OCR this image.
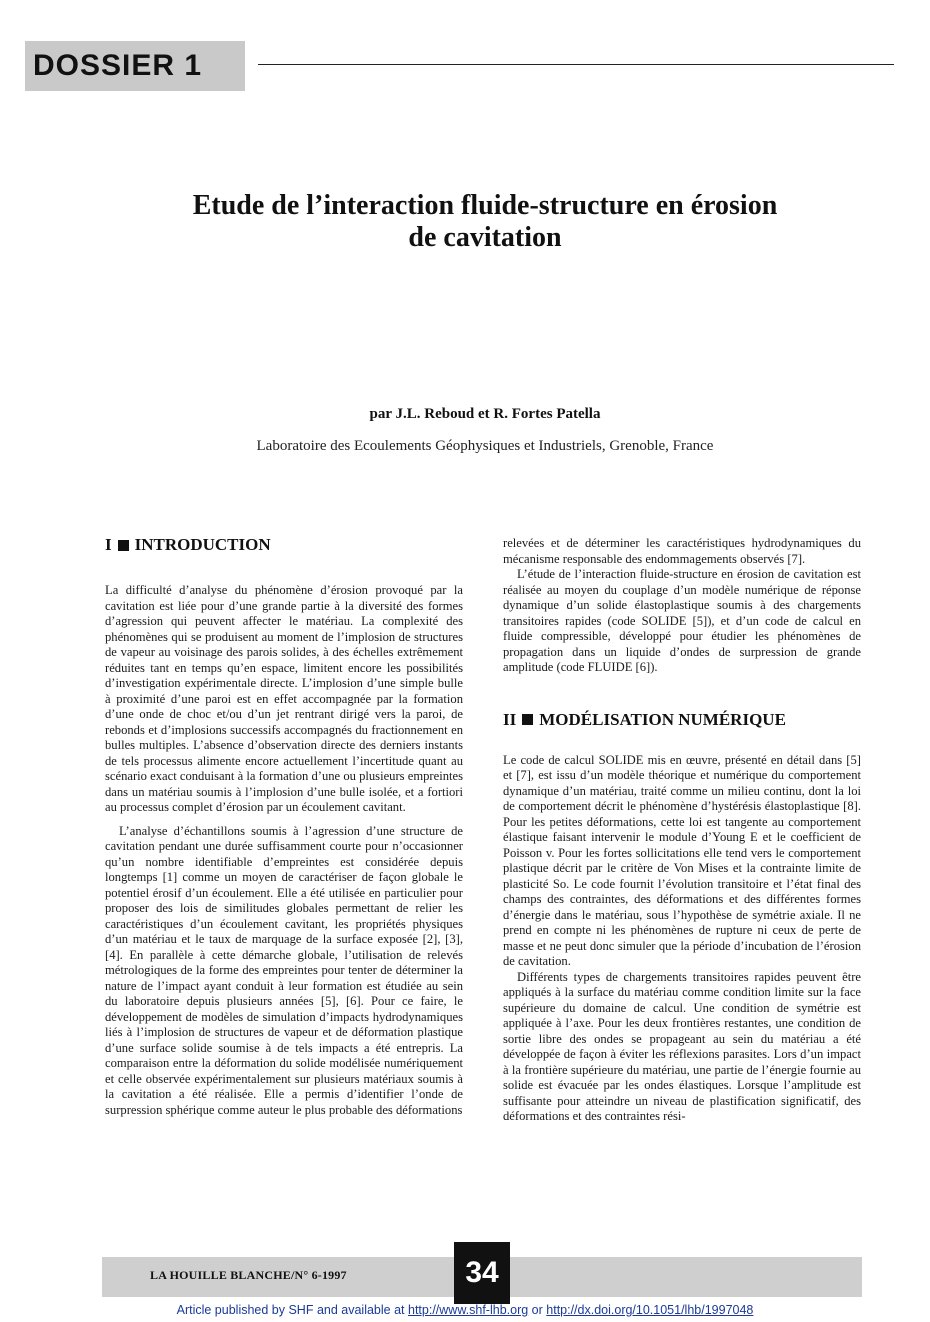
DOSSIER 1
Etude de l’interaction fluide-structure en érosion
de cavitation
par J.L. Reboud et R. Fortes Patella
Laboratoire des Ecoulements Géophysiques et Industriels, Grenoble, France
I INTRODUCTION

La difficulté d’analyse du phénomène d’érosion provoqué par la cavitation est liée pour d’une grande partie à la diversité des formes d’agression qui peuvent affecter le matériau. La complexité des phénomènes qui se produisent au moment de l’implosion de structures de vapeur au voisinage des parois solides, à des échelles extrêmement réduites tant en temps qu’en espace, limitent encore les possibilités d’investigation expérimentale directe. L’implosion d’une simple bulle à proximité d’une paroi est en effet accompagnée par la formation d’une onde de choc et/ou d’un jet rentrant dirigé vers la paroi, de rebonds et d’implosions successifs accompagnés du fractionnement en bulles multiples. L’absence d’observation directe des derniers instants de tels processus alimente encore actuellement l’incertitude quant au scénario exact conduisant à la formation d’une ou plusieurs empreintes dans un matériau soumis à l’implosion d’une bulle isolée, et a fortiori au processus complet d’érosion par un écoulement cavitant.

L’analyse d’échantillons soumis à l’agression d’une structure de cavitation pendant une durée suffisamment courte pour n’occasionner qu’un nombre identifiable d’empreintes est considérée depuis longtemps [1] comme un moyen de caractériser de façon globale le potentiel érosif d’un écoulement. Elle a été utilisée en particulier pour proposer des lois de similitudes globales permettant de relier les caractéristiques d’un écoulement cavitant, les propriétés physiques d’un matériau et le taux de marquage de la surface exposée [2], [3], [4]. En parallèle à cette démarche globale, l’utilisation de relevés métrologiques de la forme des empreintes pour tenter de déterminer la nature de l’impact ayant conduit à leur formation est étudiée au sein du laboratoire depuis plusieurs années [5], [6]. Pour ce faire, le développement de modèles de simulation d’impacts hydrodynamiques liés à l’implosion de structures de vapeur et de déformation plastique d’une surface solide soumise à de tels impacts a été entrepris. La comparaison entre la déformation du solide modélisée numériquement et celle observée expérimentalement sur plusieurs matériaux soumis à la cavitation a été réalisée. Elle a permis d’identifier l’onde de surpression sphérique comme auteur le plus probable des déformations

relevées et de déterminer les caractéristiques hydrodynamiques du mécanisme responsable des endommagements observés [7].

L’étude de l’interaction fluide-structure en érosion de cavitation est réalisée au moyen du couplage d’un modèle numérique de réponse dynamique d’un solide élastoplastique soumis à des chargements transitoires rapides (code SOLIDE [5]), et d’un code de calcul en fluide compressible, développé pour étudier les phénomènes de propagation dans un liquide d’ondes de surpression de grande amplitude (code FLUIDE [6]).

II MODÉLISATION NUMÉRIQUE

Le code de calcul SOLIDE mis en œuvre, présenté en détail dans [5] et [7], est issu d’un modèle théorique et numérique du comportement dynamique d’un matériau, traité comme un milieu continu, dont la loi de comportement décrit le phénomène d’hystérésis élastoplastique [8]. Pour les petites déformations, cette loi est tangente au comportement élastique faisant intervenir le module d’Young E et le coefficient de Poisson v. Pour les fortes sollicitations elle tend vers le comportement plastique décrit par le critère de Von Mises et la contrainte limite de plasticité So. Le code fournit l’évolution transitoire et l’état final des champs des contraintes, des déformations et des différentes formes d’énergie dans le matériau, sous l’hypothèse de symétrie axiale. Il ne prend en compte ni les phénomènes de rupture ni ceux de perte de masse et ne peut donc simuler que la période d’incubation de l’érosion de cavitation.

Différents types de chargements transitoires rapides peuvent être appliqués à la surface du matériau comme condition limite sur la face supérieure du domaine de calcul. Une condition de symétrie est appliquée à l’axe. Pour les deux frontières restantes, une condition de sortie libre des ondes se propageant au sein du matériau a été développée de façon à éviter les réflexions parasites. Lors d’un impact à la frontière supérieure du matériau, une partie de l’énergie fournie au solide est évacuée par les ondes élastiques. Lorsque l’amplitude est suffisante pour atteindre un niveau de plastification significatif, des déformations et des contraintes rési-

LA HOUILLE BLANCHE/N° 6-1997	34
Article published by SHF and available at http://www.shf-lhb.org or http://dx.doi.org/10.1051/lhb/1997048
